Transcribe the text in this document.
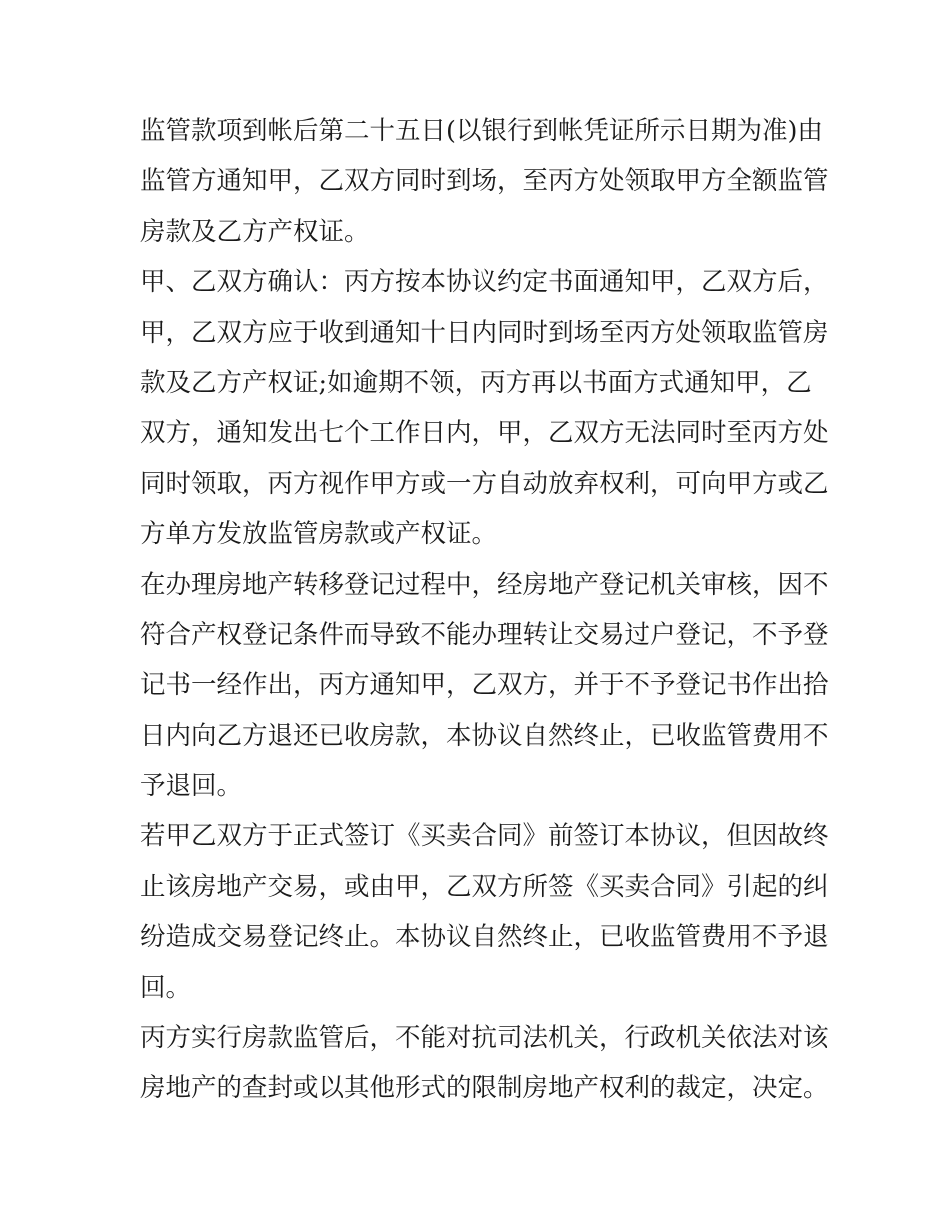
监管款项到帐后第二十五日(以银行到帐凭证所示日期为准)由
监管方通知甲，乙双方同时到场，至丙方处领取甲方全额监管
房款及乙方产权证。
甲、乙双方确认：丙方按本协议约定书面通知甲，乙双方后，
甲，乙双方应于收到通知十日内同时到场至丙方处领取监管房
款及乙方产权证;如逾期不领，丙方再以书面方式通知甲，乙
双方，通知发出七个工作日内，甲，乙双方无法同时至丙方处
同时领取，丙方视作甲方或一方自动放弃权利，可向甲方或乙
方单方发放监管房款或产权证。
在办理房地产转移登记过程中，经房地产登记机关审核，因不
符合产权登记条件而导致不能办理转让交易过户登记，不予登
记书一经作出，丙方通知甲，乙双方，并于不予登记书作出拾
日内向乙方退还已收房款，本协议自然终止，已收监管费用不
予退回。
若甲乙双方于正式签订《买卖合同》前签订本协议，但因故终
止该房地产交易，或由甲，乙双方所签《买卖合同》引起的纠
纷造成交易登记终止。本协议自然终止，已收监管费用不予退
回。
丙方实行房款监管后，不能对抗司法机关，行政机关依法对该
房地产的查封或以其他形式的限制房地产权利的裁定，决定。
